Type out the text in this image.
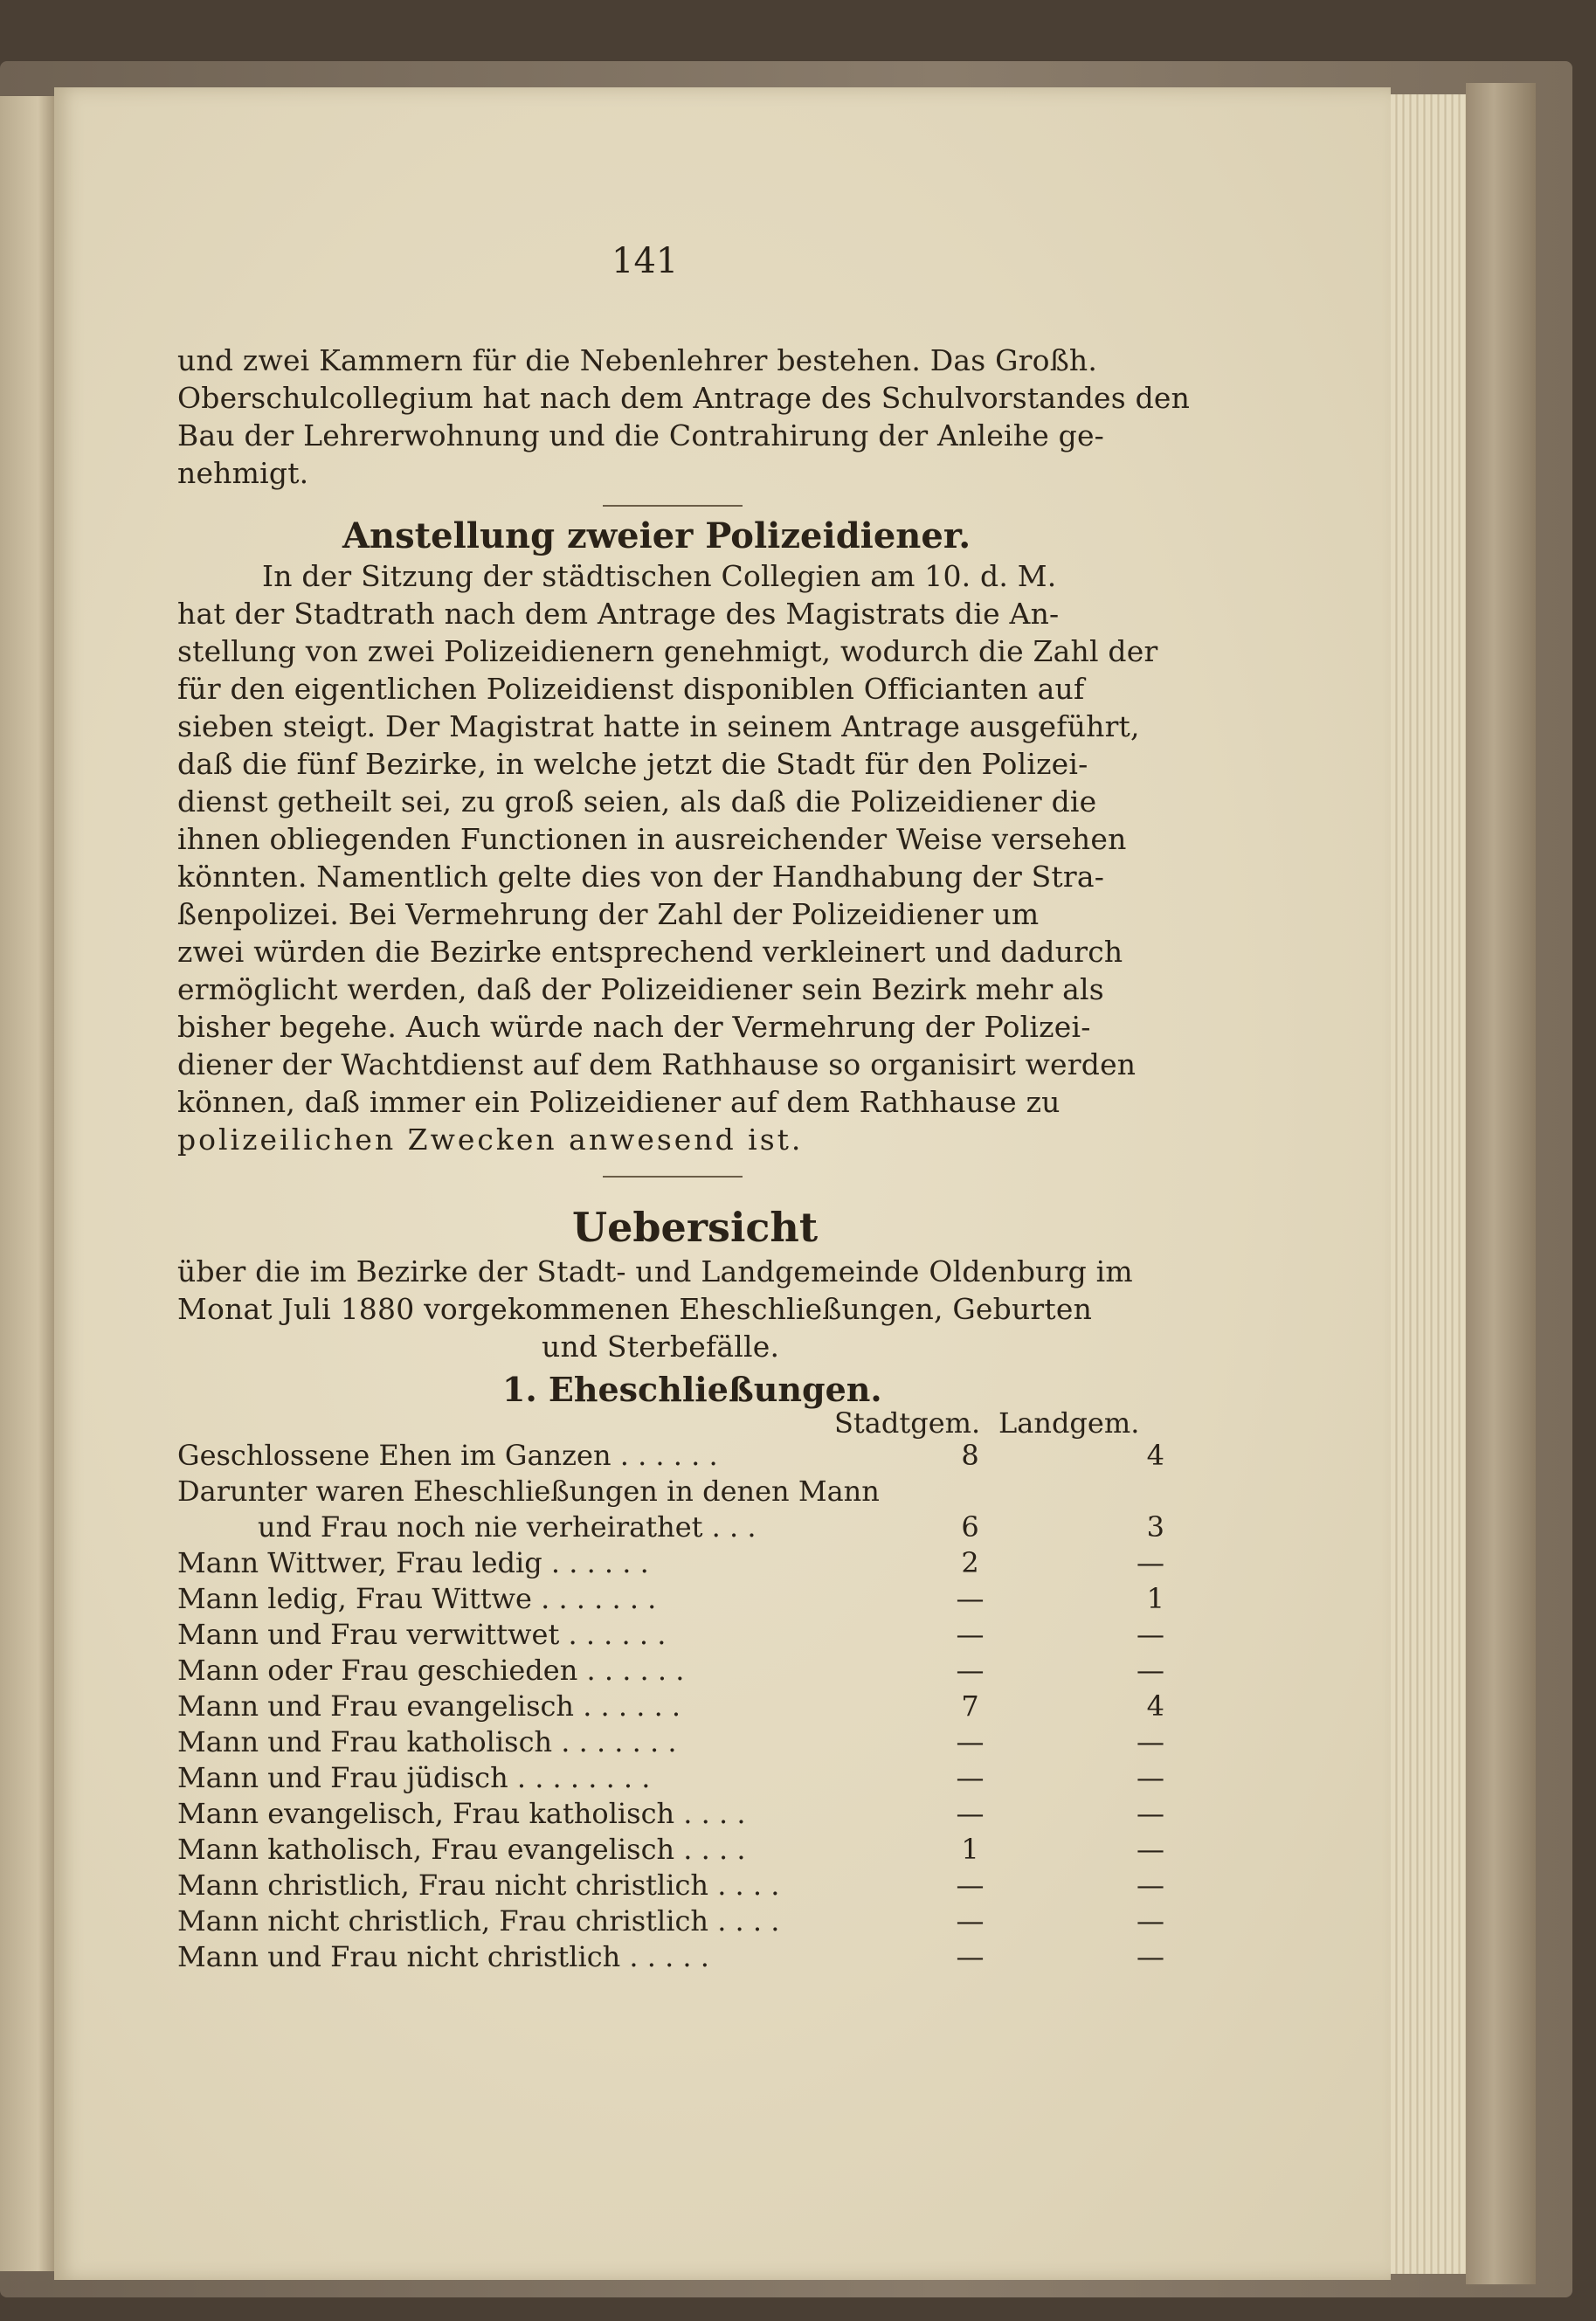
141
und zwei Kammern für die Nebenlehrer bestehen. Das Großh.
Oberschulcollegium hat nach dem Antrage des Schulvorstandes den
Bau der Lehrerwohnung und die Contrahirung der Anleihe ge-
nehmigt.
Anstellung zweier Polizeidiener.
In der Sitzung der städtischen Collegien am 10. d. M.
hat der Stadtrath nach dem Antrage des Magistrats die An-
stellung von zwei Polizeidienern genehmigt, wodurch die Zahl der
für den eigentlichen Polizeidienst disponiblen Officianten auf
sieben steigt. Der Magistrat hatte in seinem Antrage ausgeführt,
daß die fünf Bezirke, in welche jetzt die Stadt für den Polizei-
dienst getheilt sei, zu groß seien, als daß die Polizeidiener die
ihnen obliegenden Functionen in ausreichender Weise versehen
könnten. Namentlich gelte dies von der Handhabung der Stra-
ßenpolizei. Bei Vermehrung der Zahl der Polizeidiener um
zwei würden die Bezirke entsprechend verkleinert und dadurch
ermöglicht werden, daß der Polizeidiener sein Bezirk mehr als
bisher begehe. Auch würde nach der Vermehrung der Polizei-
diener der Wachtdienst auf dem Rathhause so organisirt werden
können, daß immer ein Polizeidiener auf dem Rathhause zu
polizeilichen Zwecken anwesend ist.
Uebersicht
über die im Bezirke der Stadt- und Landgemeinde Oldenburg im
Monat Juli 1880 vorgekommenen Eheschließungen, Geburten
und Sterbefälle.
1. Eheschließungen.
Stadtgem. Landgem.
Geschlossene Ehen im Ganzen . . . . . .	8	4
Darunter waren Eheschließungen in denen Mann		
und Frau noch nie verheirathet . . .	6	3
Mann Wittwer, Frau ledig . . . . . .	2	—
Mann ledig, Frau Wittwe . . . . . . .	—	1
Mann und Frau verwittwet . . . . . .	—	—
Mann oder Frau geschieden . . . . . .	—	—
Mann und Frau evangelisch . . . . . .	7	4
Mann und Frau katholisch . . . . . . .	—	—
Mann und Frau jüdisch . . . . . . . .	—	—
Mann evangelisch, Frau katholisch . . . .	—	—
Mann katholisch, Frau evangelisch . . . .	1	—
Mann christlich, Frau nicht christlich . . . .	—	—
Mann nicht christlich, Frau christlich . . . .	—	—
Mann und Frau nicht christlich . . . . .	—	—
